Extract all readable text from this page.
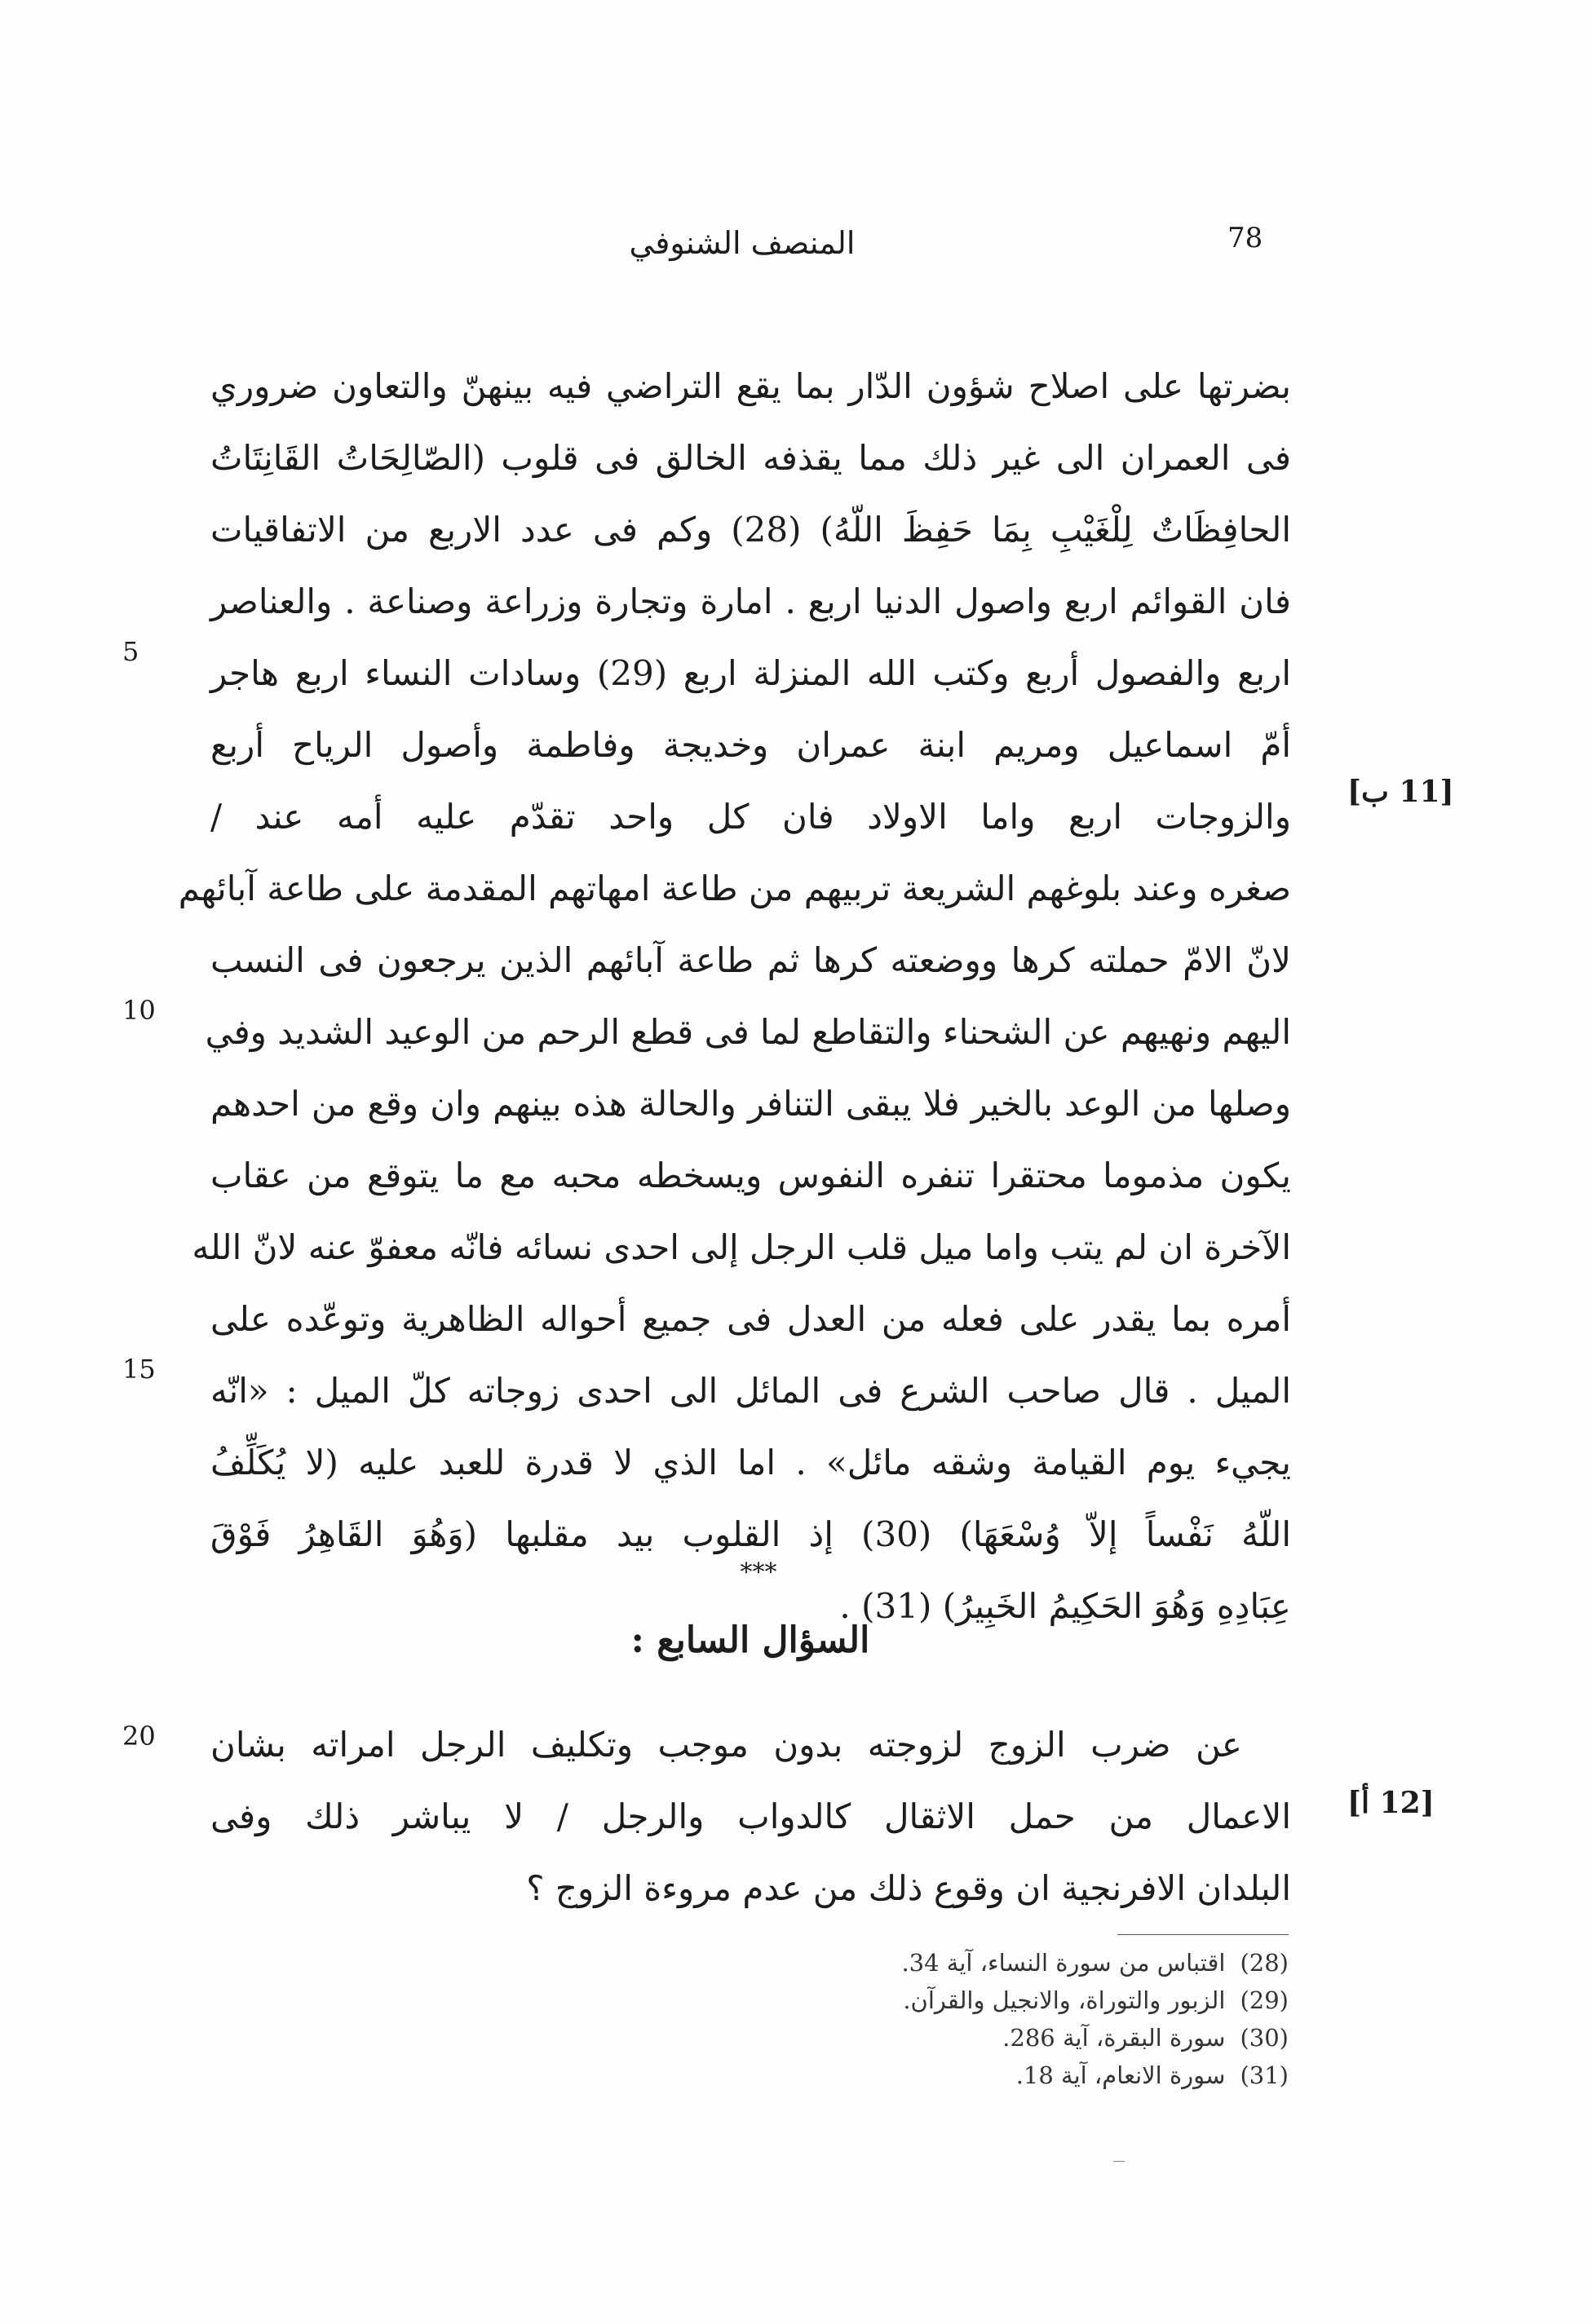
78
المنصف الشنوفي
بضرتها على اصلاح شؤون الدّار بما يقع التراضي فيه بينهنّ والتعاون ضروري
فى العمران الى غير ذلك مما يقذفه الخالق فى قلوب (الصّالِحَاتُ القَانِتَاتُ
الحافِظَاتٌ لِلْغَيْبِ بِمَا حَفِظَ اللّهُ) (28) وكم فى عدد الاربع من الاتفاقيات
فان القوائم اربع واصول الدنيا اربع . امارة وتجارة وزراعة وصناعة . والعناصر
اربع والفصول أربع وكتب الله المنزلة اربع (29) وسادات النساء اربع هاجر
أمّ اسماعيل ومريم ابنة عمران وخديجة وفاطمة وأصول الرياح أربع
والزوجات اربع واما الاولاد فان كل واحد تقدّم عليه أمه عند /
صغره وعند بلوغهم الشريعة تربيهم من طاعة امهاتهم المقدمة على طاعة آبائهم
لانّ الامّ حملته كرها ووضعته كرها ثم طاعة آبائهم الذين يرجعون فى النسب
اليهم ونهيهم عن الشحناء والتقاطع لما فى قطع الرحم من الوعيد الشديد وفي
وصلها من الوعد بالخير فلا يبقى التنافر والحالة هذه بينهم وان وقع من احدهم
يكون مذموما محتقرا تنفره النفوس ويسخطه محبه مع ما يتوقع من عقاب
الآخرة ان لم يتب واما ميل قلب الرجل إلى احدى نسائه فانّه معفوّ عنه لانّ الله
أمره بما يقدر على فعله من العدل فى جميع أحواله الظاهرية وتوعّده على
الميل . قال صاحب الشرع فى المائل الى احدى زوجاته كلّ الميل : «انّه
يجيء يوم القيامة وشقه مائل» . اما الذي لا قدرة للعبد عليه (لا يُكَلِّفُ
اللّهُ نَفْساً إلاّ وُسْعَهَا) (30) إذ القلوب بيد مقلبها (وَهُوَ القَاهِرُ فَوْقَ
عِبَادِهِ وَهُوَ الحَكِيمُ الخَبِيرُ) (31) .
5
10
15
20
[11 ب]
[12 أ]
***
السؤال السابع :
عن ضرب الزوج لزوجته بدون موجب وتكليف الرجل امراته بشان
الاعمال من حمل الاثقال كالدواب والرجل / لا يباشر ذلك وفى
البلدان الافرنجية ان وقوع ذلك من عدم مروءة الزوج ؟
(28)اقتباس من سورة النساء، آية 34.
(29)الزبور والتوراة، والانجيل والقرآن.
(30)سورة البقرة، آية 286.
(31)سورة الانعام، آية 18.
